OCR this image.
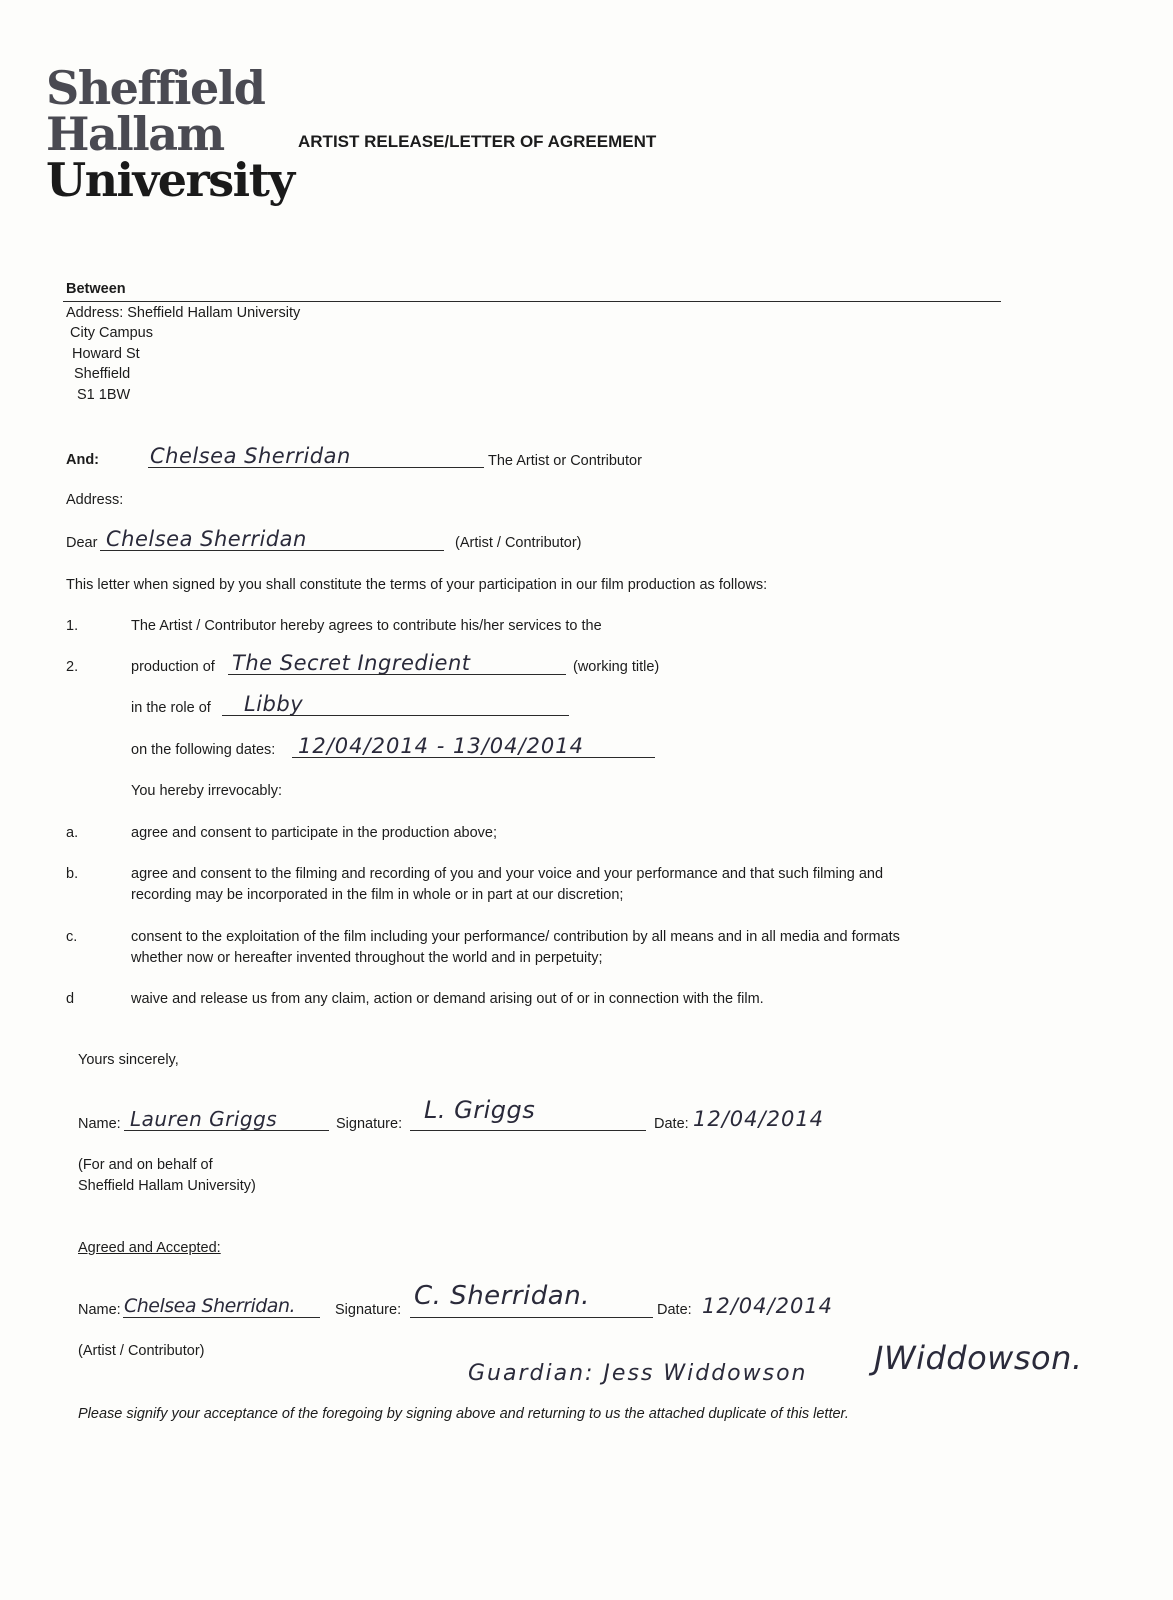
Sheffield
Hallam
University
ARTIST RELEASE/LETTER OF AGREEMENT
Between
Address: Sheffield Hallam University
City Campus
Howard St
Sheffield
S1 1BW
And: Chelsea Sherridan	The Artist or Contributor
Address:
Dear Chelsea Sherridan	(Artist / Contributor)
This letter when signed by you shall constitute the terms of your participation in our film production as follows:
1.	The Artist / Contributor hereby agrees to contribute his/her services to the
2.	production of The Secret Ingredient	(working title)
in the role of Libby
on the following dates: 12/04/2014 - 13/04/2014
You hereby irrevocably:
a.	agree and consent to participate in the production above;
b.	agree and consent to the filming and recording of you and your voice and your performance and that such filming and
recording may be incorporated in the film in whole or in part at our discretion;
c.	consent to the exploitation of the film including your performance/ contribution by all means and in all media and formats
whether now or hereafter invented throughout the world and in perpetuity;
d	waive and release us from any claim, action or demand arising out of or in connection with the film.
Yours sincerely,
Name: Lauren Griggs	Signature: L. Griggs	Date: 12/04/2014
(For and on behalf of
Sheffield Hallam University)
Agreed and Accepted:
Name: Chelsea Sherridan.	Signature: C. Sherridan.	Date: 12/04/2014
(Artist / Contributor)
Guardian: Jess Widdowson JWiddowson.
Please signify your acceptance of the foregoing by signing above and returning to us the attached duplicate of this letter.
